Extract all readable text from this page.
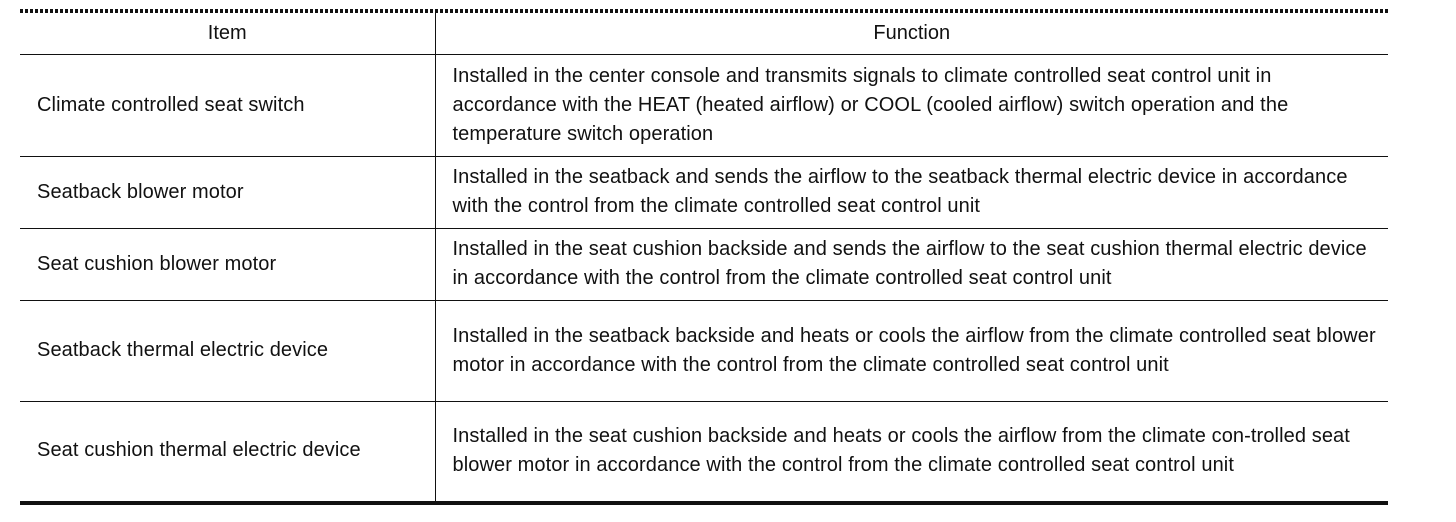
Item	Function
Climate controlled seat switch	Installed in the center console and transmits signals to climate controlled seat control unit in accordance with the HEAT (heated airflow) or COOL (cooled airflow) switch operation and the temperature switch operation
Seatback blower motor	Installed in the seatback and sends the airflow to the seatback thermal electric device in accordance with the control from the climate controlled seat control unit
Seat cushion blower motor	Installed in the seat cushion backside and sends the airflow to the seat cushion thermal electric device in accordance with the control from the climate controlled seat control unit
Seatback thermal electric device	Installed in the seatback backside and heats or cools the airflow from the climate controlled seat blower motor in accordance with the control from the climate controlled seat control unit
Seat cushion thermal electric device	Installed in the seat cushion backside and heats or cools the airflow from the climate con-trolled seat blower motor in accordance with the control from the climate controlled seat control unit
